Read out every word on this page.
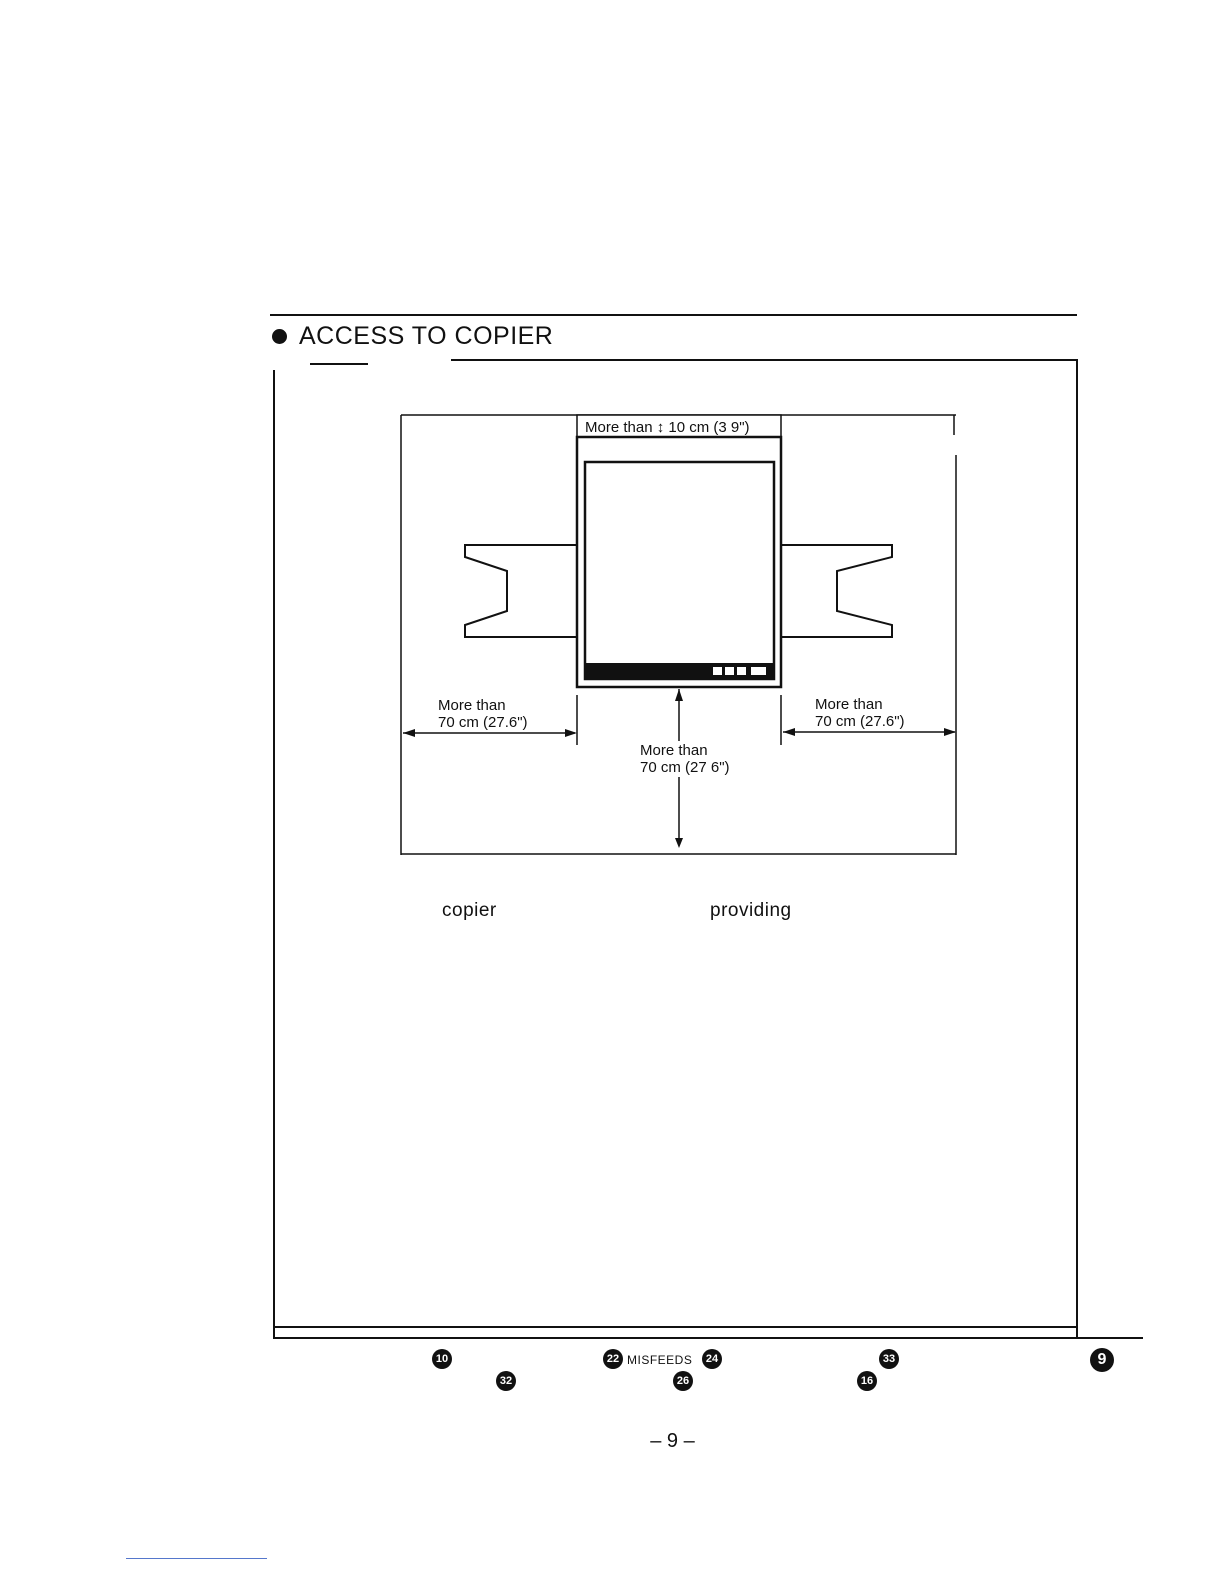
ACCESS TO COPIER
More than ↕ 10 cm (3 9")
More than
70 cm (27.6")
More than
70 cm (27.6")
More than
70 cm (27 6")
copier	providing
10	22 MISFEEDS	24	33	9
32	26	16
– 9 –
